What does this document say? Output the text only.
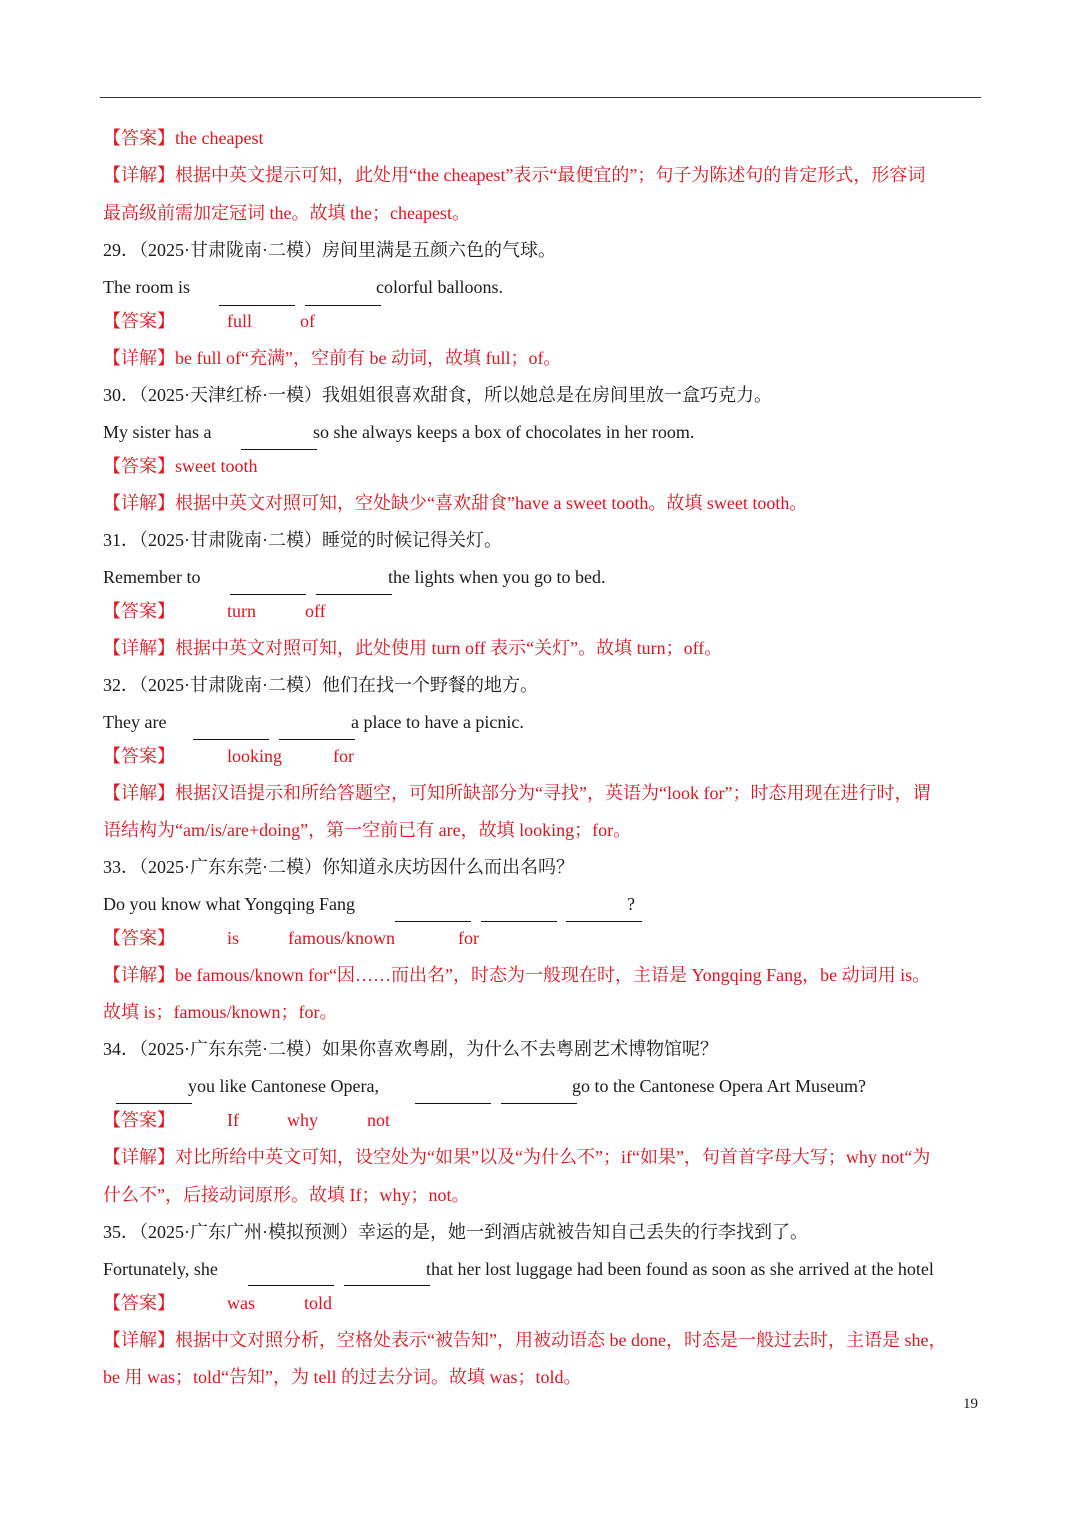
【答案】the cheapest
【详解】根据中英文提示可知，此处用“the cheapest”表示“最便宜的”；句子为陈述句的肯定形式，形容词
最高级前需加定冠词 the。故填 the；cheapest。
29．（2025·甘肃陇南·二模）房间里满是五颜六色的气球。
The room is	colorful balloons.
【答案】	full	of
【详解】be full of“充满”，空前有 be 动词，故填 full；of。
30．（2025·天津红桥·一模）我姐姐很喜欢甜食，所以她总是在房间里放一盒巧克力。
My sister has a	so she always keeps a box of chocolates in her room.
【答案】sweet tooth
【详解】根据中英文对照可知，空处缺少“喜欢甜食”have a sweet tooth。故填 sweet tooth。
31．（2025·甘肃陇南·二模）睡觉的时候记得关灯。
Remember to	the lights when you go to bed.
【答案】	turn	off
【详解】根据中英文对照可知，此处使用 turn off 表示“关灯”。故填 turn；off。
32．（2025·甘肃陇南·二模）他们在找一个野餐的地方。
They are	a place to have a picnic.
【答案】	looking	for
【详解】根据汉语提示和所给答题空，可知所缺部分为“寻找”，英语为“look for”；时态用现在进行时，谓
语结构为“am/is/are+doing”，第一空前已有 are，故填 looking；for。
33．（2025·广东东莞·二模）你知道永庆坊因什么而出名吗？
Do you know what Yongqing Fang	?
【答案】	is	famous/known	for
【详解】be famous/known for“因……而出名”，时态为一般现在时，主语是 Yongqing Fang，be 动词用 is。
故填 is；famous/known；for。
34．（2025·广东东莞·二模）如果你喜欢粤剧，为什么不去粤剧艺术博物馆呢？
you like Cantonese Opera,	go to the Cantonese Opera Art Museum?
【答案】	If	why	not
【详解】对比所给中英文可知，设空处为“如果”以及“为什么不”；if“如果”，句首首字母大写；why not“为
什么不”，后接动词原形。故填 If；why；not。
35．（2025·广东广州·模拟预测）幸运的是，她一到酒店就被告知自己丢失的行李找到了。
Fortunately, she	that her lost luggage had been found as soon as she arrived at the hotel
【答案】	was	told
【详解】根据中文对照分析，空格处表示“被告知”，用被动语态 be done，时态是一般过去时，主语是 she，
be 用 was；told“告知”，为 tell 的过去分词。故填 was；told。
19
